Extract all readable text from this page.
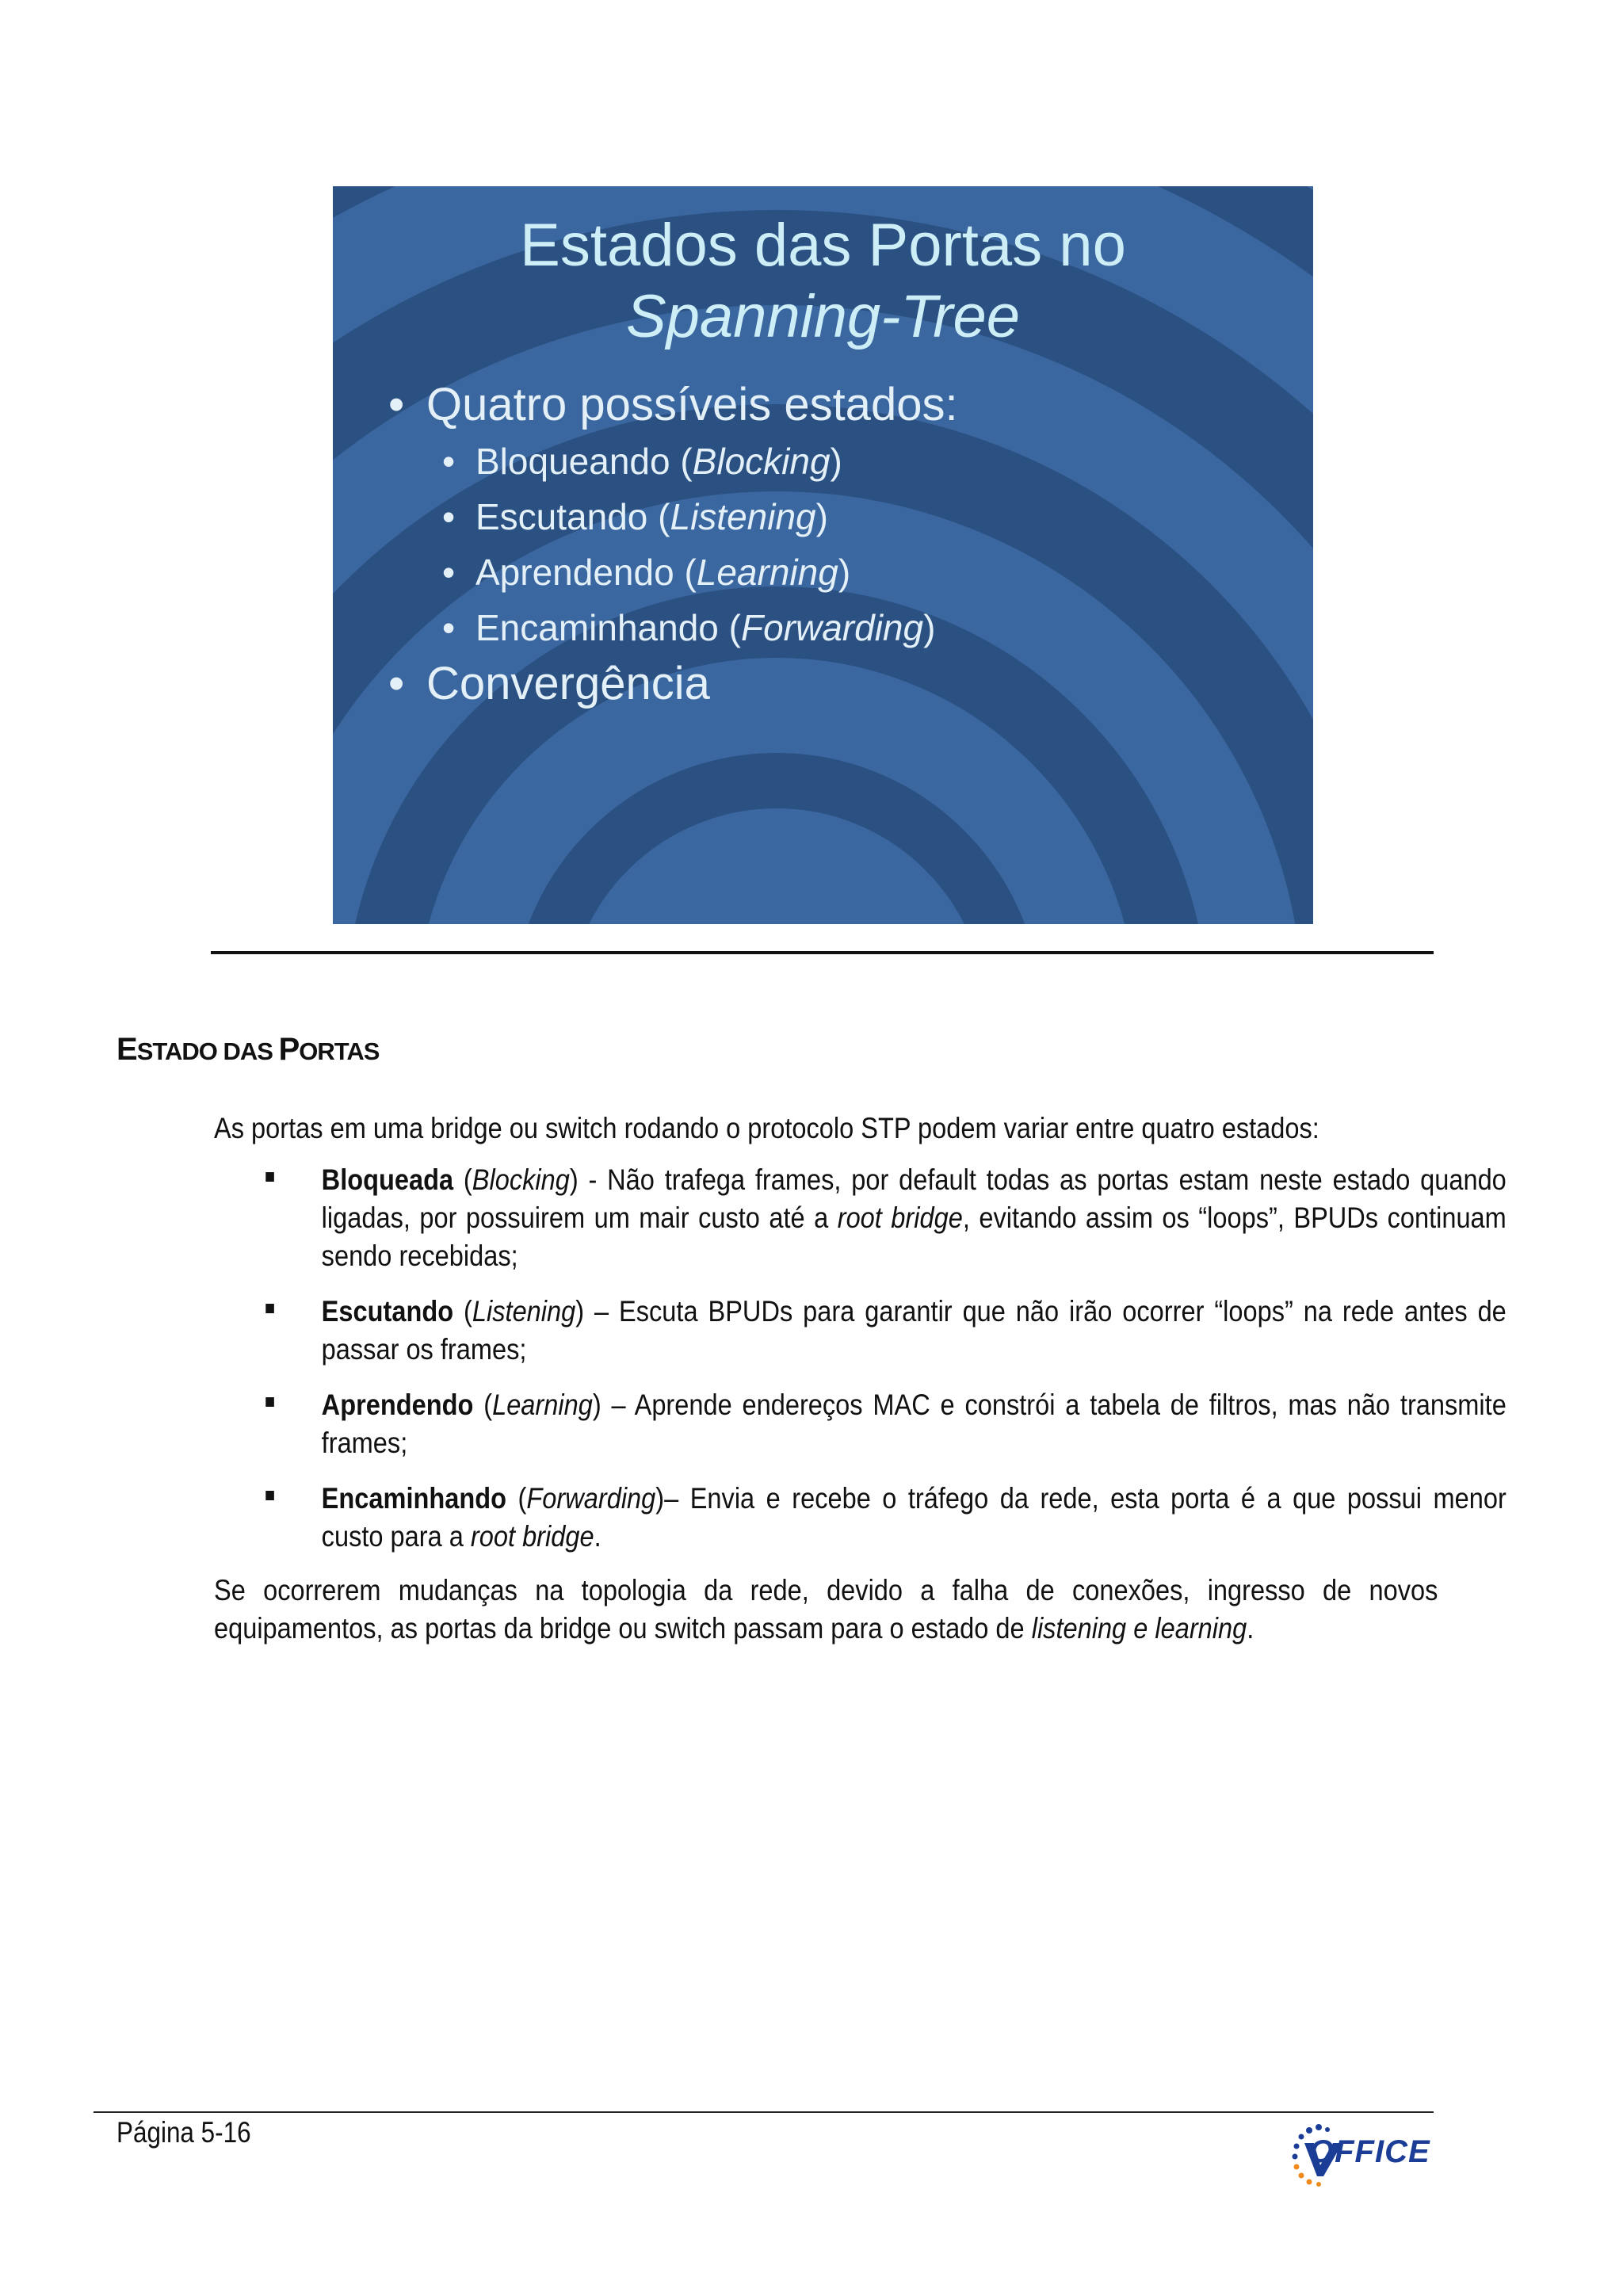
Estados das Portas no
Spanning-Tree
• Quatro possíveis estados:
• Bloqueando (Blocking)
• Escutando (Listening)
• Aprendendo (Learning)
• Encaminhando (Forwarding)
• Convergência
ESTADO DAS PORTAS
As portas em uma bridge ou switch rodando o protocolo STP podem variar entre quatro estados:
Bloqueada (Blocking) - Não trafega frames, por default todas as portas estam neste estado quando ligadas, por possuirem um mair custo até a root bridge, evitando assim os “loops”, BPUDs continuam sendo recebidas;
Escutando (Listening) – Escuta BPUDs para garantir que não irão ocorrer “loops” na rede antes de passar os frames;
Aprendendo (Learning) – Aprende endereços MAC e constrói a tabela de filtros, mas não transmite frames;
Encaminhando (Forwarding)– Envia e recebe o tráfego da rede, esta porta é a que possui menor custo para a root bridge.
Se ocorrerem mudanças na topologia da rede, devido a falha de conexões, ingresso de novos equipamentos, as portas da bridge ou switch passam para o estado de listening e learning.
Página 5-16
OFFICE
